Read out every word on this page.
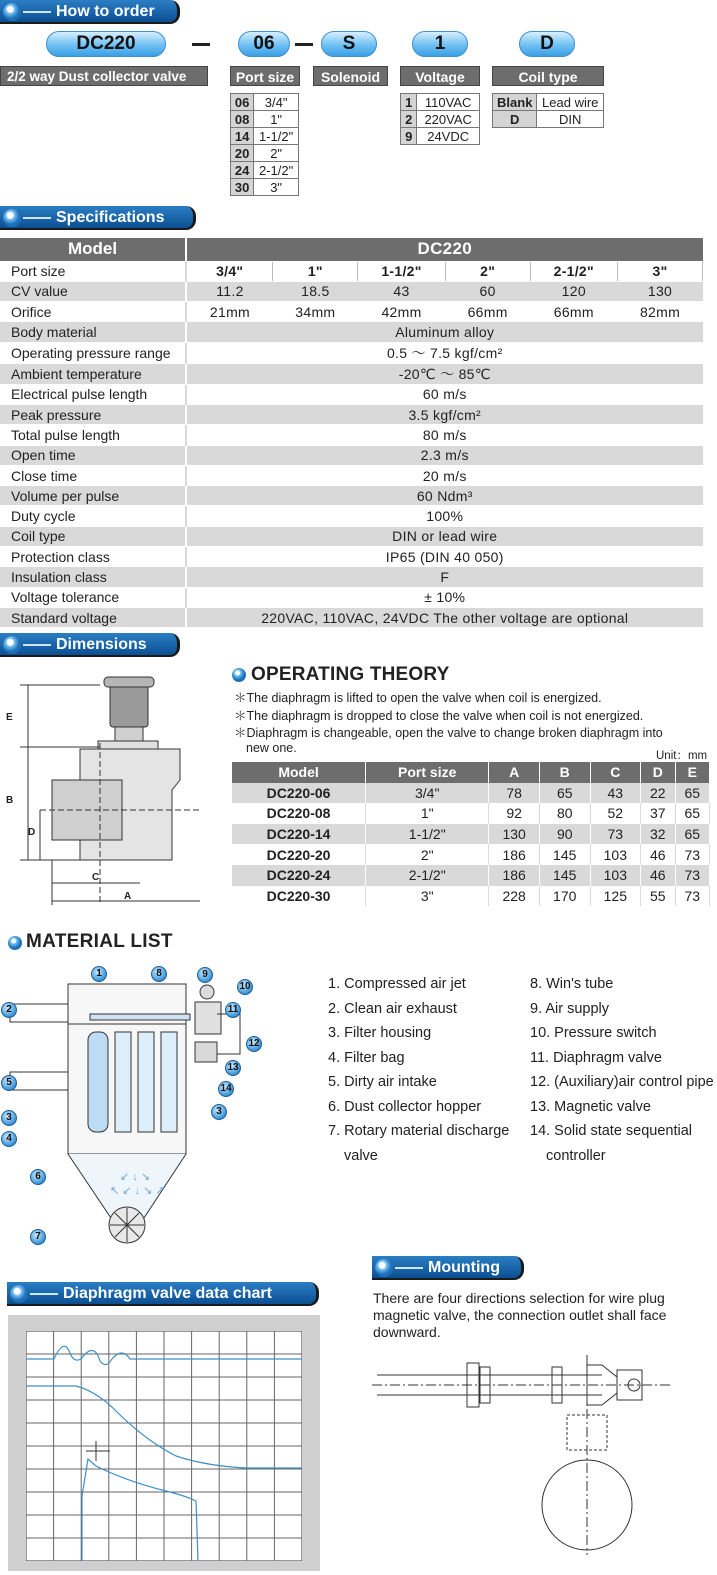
How to order
DC220	06	S	1	D
2/2 way Dust collector valve	Port size	Solenoid	Voltage	Coil type
06	3/4"
08	1"
14	1-1/2"
20	2"
24	2-1/2"
30	3"
1	110VAC
2	220VAC
9	24VDC
Blank	Lead wire
D	DIN
Specifications
Model	DC220					
Port size	3/4"	1"	1-1/2"	2"	2-1/2"	3"
CV value	11.2	18.5	43	60	120	130
Orifice	21mm	34mm	42mm	66mm	66mm	82mm
Body material	Aluminum alloy					
Operating pressure range	0.5 ～ 7.5 kgf/cm²					
Ambient temperature	-20℃ ～ 85℃					
Electrical pulse length	60 m/s					
Peak pressure	3.5 kgf/cm²					
Total pulse length	80 m/s					
Open time	2.3 m/s					
Close time	20 m/s					
Volume per pulse	60 Ndm³					
Duty cycle	100%					
Coil type	DIN or lead wire					
Protection class	IP65 (DIN 40 050)					
Insulation class	F					
Voltage tolerance	± 10%					
Standard voltage	220VAC, 110VAC, 24VDC The other voltage are optional					
Dimensions
E
B
D
C
A
OPERATING THEORY
＊The diaphragm is lifted to open the valve when coil is energized.
＊The diaphragm is dropped to close the valve when coil is not energized.
＊Diaphragm is changeable, open the valve to change broken diaphragm into
new one.
Unit：mm
Model	Port size	A	B	C	D	E
DC220-06	3/4"	78	65	43	22	65
DC220-08	1"	92	80	52	37	65
DC220-14	1-1/2"	130	90	73	32	65
DC220-20	2"	186	145	103	46	73
DC220-24	2-1/2"	186	145	103	46	73
DC220-30	3"	228	170	125	55	73
MATERIAL LIST
↙ ↓ ↘
↖ ↙ ↓ ↘ ↗
1	8	9
10
2	11
12
13
5
14
3
3
4
6
7
1. Compressed air jet
2. Clean air exhaust
3. Filter housing
4. Filter bag
5. Dirty air intake
6. Dust collector hopper
7. Rotary material discharge
valve
8. Win's tube
9. Air supply
10. Pressure switch
11. Diaphragm valve
12. (Auxiliary)air control pipe
13. Magnetic valve
14. Solid state sequential
controller
Mounting
There are four directions selection for wire plug
magnetic valve, the connection outlet shall face
downward.
Diaphragm valve data chart
